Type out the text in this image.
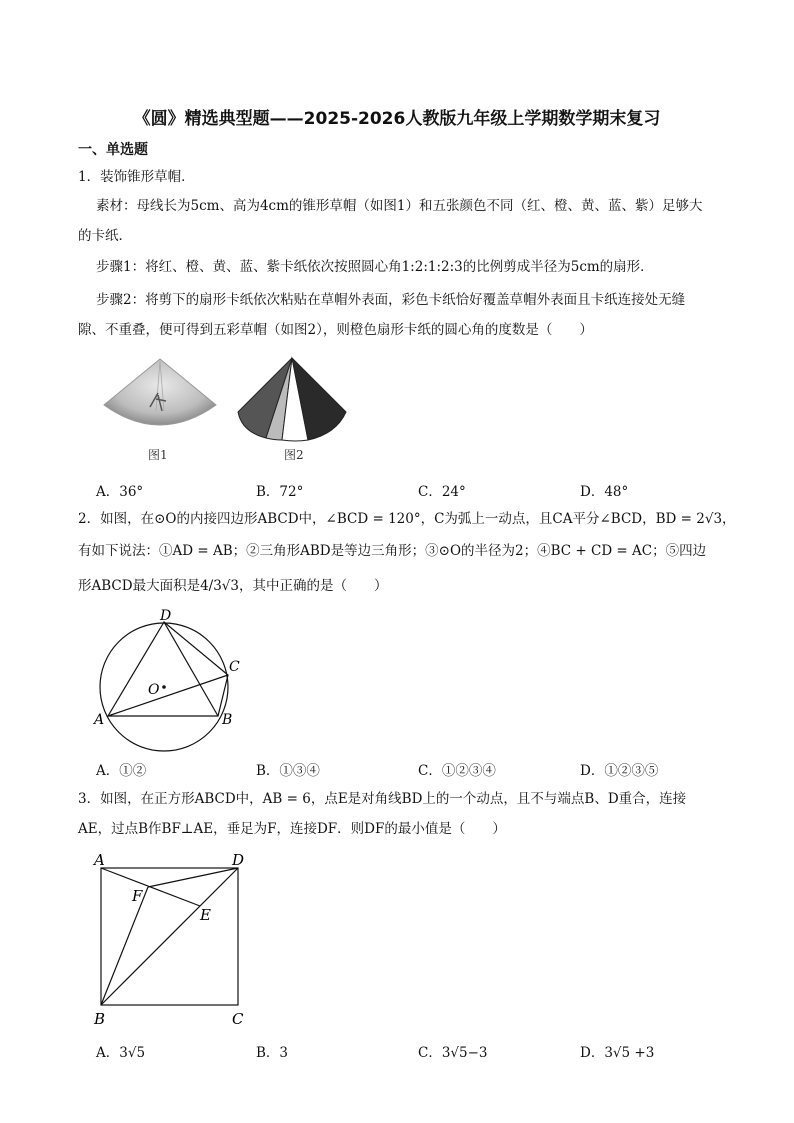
《圆》精选典型题——2025-2026人教版九年级上学期数学期末复习
一、单选题
1．装饰锥形草帽．
素材：母线长为5cm、高为4cm的锥形草帽（如图1）和五张颜色不同（红、橙、黄、蓝、紫）足够大
的卡纸．
步骤1：将红、橙、黄、蓝、紫卡纸依次按照圆心角1:2:1:2:3的比例剪成半径为5cm的扇形．
步骤2：将剪下的扇形卡纸依次粘贴在草帽外表面，彩色卡纸恰好覆盖草帽外表面且卡纸连接处无缝
隙、不重叠，便可得到五彩草帽（如图2），则橙色扇形卡纸的圆心角的度数是（　　）
图1	图2
A．36°	B．72°	C．24°	D．48°
2．如图，在⊙O的内接四边形ABCD中，∠BCD = 120°，C为弧上一动点，且CA平分∠BCD，BD = 2√3，
有如下说法：①AD = AB；②三角形ABD是等边三角形；③⊙O的半径为2；④BC + CD = AC；⑤四边
形ABCD最大面积是4/3√3，其中正确的是（　　）
D
C
O
A	B
A．①②	B．①③④	C．①②③④	D．①②③⑤
3．如图，在正方形ABCD中，AB = 6，点E是对角线BD上的一个动点，且不与端点B、D重合，连接
AE，过点B作BF⊥AE，垂足为F，连接DF．则DF的最小值是（　　）
A	D
F
E
B	C
A．3√5	B．3	C．3√5−3	D．3√5 +3
